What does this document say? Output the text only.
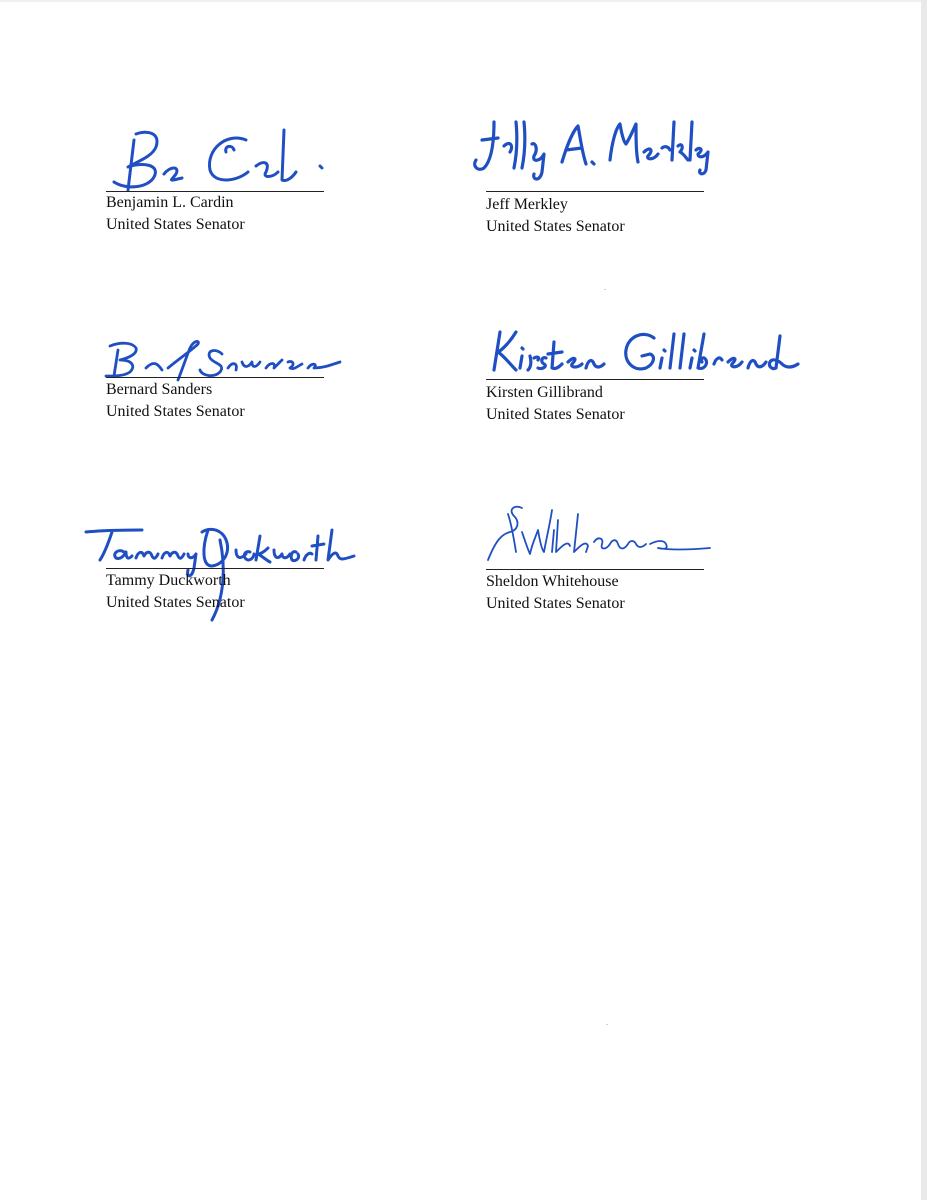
Benjamin L. Cardin
United States Senator
Jeff Merkley
United States Senator
Bernard Sanders
United States Senator
Kirsten Gillibrand
United States Senator
Tammy Duckworth
United States Senator
Sheldon Whitehouse
United States Senator
